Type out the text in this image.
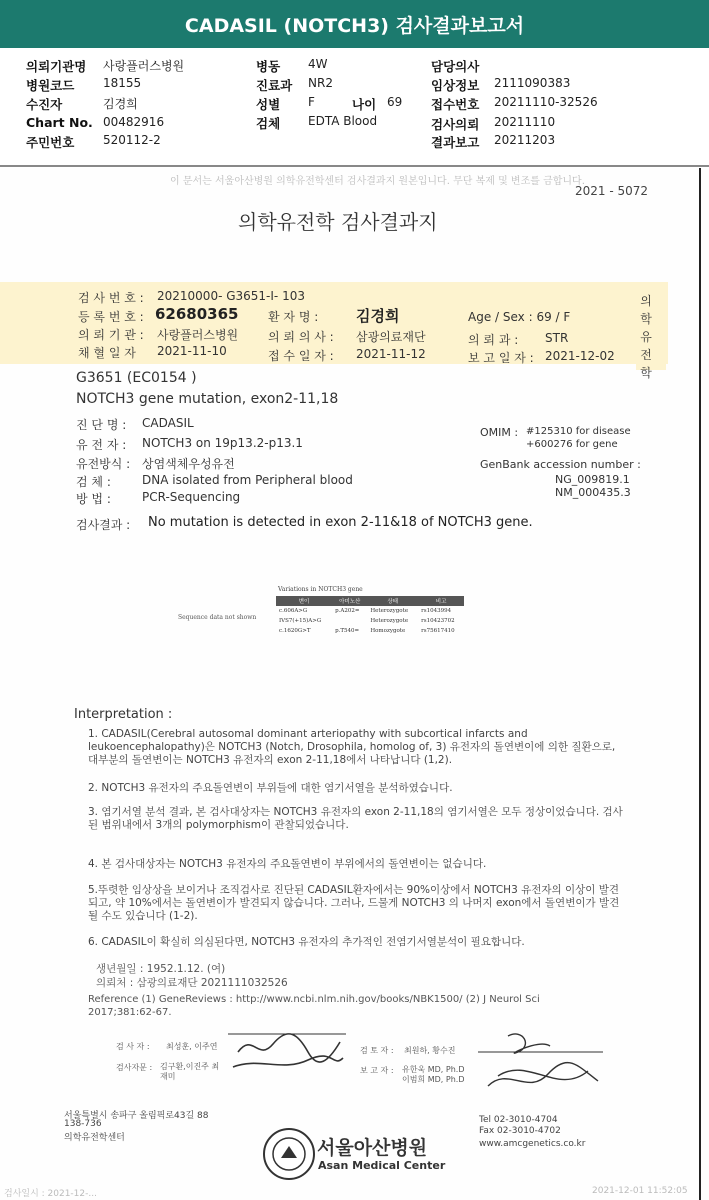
CADASIL (NOTCH3) 검사결과보고서
의뢰기관명 사랑플러스병원
병원코드 18155
수진자	김경희
Chart No. 00482916
주민번호 520112-2
병동 4W
진료과 NR2
성별 F	나이 69
검체 EDTA Blood
담당의사
임상정보 2111090383
접수번호 20211110-32526
검사의뢰 20211110
결과보고 20211203
이 문서는 서울아산병원 의학유전학센터 검사결과지 원본입니다. 무단 복제 및 변조를 금합니다.
2021 - 5072
의학유전학 검사결과지
의
학
유
전
학
검 사 번 호 : 20210000- G3651-I- 103
등 록 번 호 : 62680365 환 자 명 :	김경희	Age / Sex : 69 / F
의 뢰 기 관 : 사랑플러스병원 의 뢰 의 사 : 삼광의료재단	의 뢰 과 : STR
채 혈 일 자 2021-11-10	접 수 일 자 : 2021-11-12	보 고 일 자 : 2021-12-02
G3651 (EC0154 )
NOTCH3 gene mutation, exon2-11,18
진 단 명 : CADASIL
유 전 자 : NOTCH3 on 19p13.2-p13.1
유전방식 : 상염색체우성유전
검 체 :	DNA isolated from Peripheral blood
방 법 :	PCR-Sequencing
OMIM : #125310 for disease
+600276 for gene
GenBank accession number :
NG_009819.1
NM_000435.3
검사결과 : No mutation is detected in exon 2-11&18 of NOTCH3 gene.
Variations in NOTCH3 gene
Sequence data not shown
변이	아미노산	상태	비고
c.606A>G	p.A202=	Heterozygote	rs1043994
IVS7(+15)A>G		Heterozygote	rs10423702
c.1620G>T	p.T540=	Homozygote	rs75617410
Interpretation :
1. CADASIL(Cerebral autosomal dominant arteriopathy with subcortical infarcts and leukoencephalopathy)은 NOTCH3 (Notch, Drosophila, homolog of, 3) 유전자의 돌연변이에 의한 질환으로, 대부분의 돌연변이는 NOTCH3 유전자의 exon 2-11,18에서 나타납니다 (1,2).
2. NOTCH3 유전자의 주요돌연변이 부위들에 대한 염기서열을 분석하였습니다.
3. 염기서열 분석 결과, 본 검사대상자는 NOTCH3 유전자의 exon 2-11,18의 염기서열은 모두 정상이었습니다. 검사된 범위내에서 3개의 polymorphism이 관찰되었습니다.
4. 본 검사대상자는 NOTCH3 유전자의 주요돌연변이 부위에서의 돌연변이는 없습니다.
5.뚜렷한 임상상을 보이거나 조직검사로 진단된 CADASIL환자에서는 90%이상에서 NOTCH3 유전자의 이상이 발견되고, 약 10%에서는 돌연변이가 발견되지 않습니다. 그러나, 드물게 NOTCH3 의 나머지 exon에서 돌연변이가 발견될 수도 있습니다 (1-2).
6. CADASIL이 확실히 의심된다면, NOTCH3 유전자의 추가적인 전염기서열분석이 필요합니다.
생년월일 : 1952.1.12. (여)
의뢰처 : 삼광의료재단 2021111032526
Reference (1) GeneReviews : http://www.ncbi.nlm.nih.gov/books/NBK1500/ (2) J Neurol Sci 2017;381:62-67.
검 사 자 : 최성훈, 이주연
검사자문 : 김구환,이진주 최재미
검 토 자 : 최원하, 황수진
보 고 자 : 유한욱 MD, Ph.D 이범희 MD, Ph.D
서울특별시 송파구 올림픽로43길 88
138-736
의학유전학센터	서울아산병원
Asan Medical Center
Tel 02-3010-4704
Fax 02-3010-4702
www.amcgenetics.co.kr
검사일시 : 2021-12-...	2021-12-01 11:52:05
